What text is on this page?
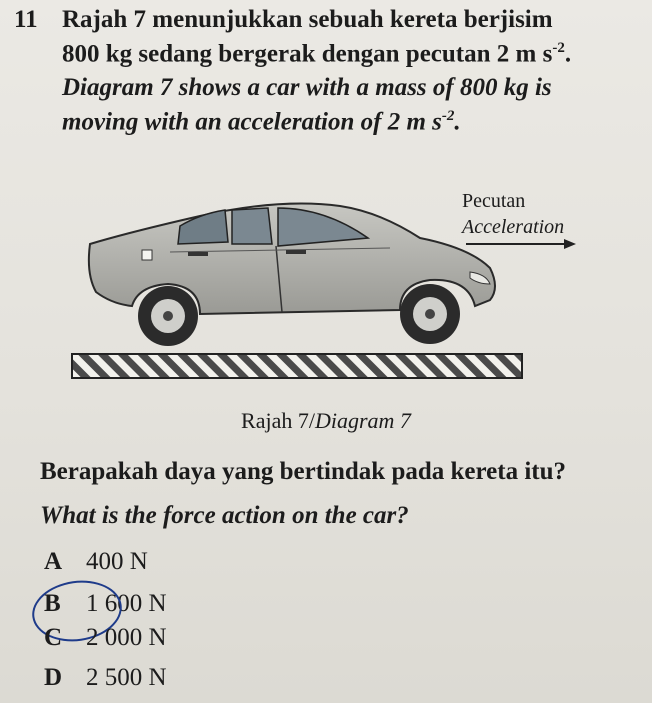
11 Rajah 7 menunjukkan sebuah kereta berjisim
800 kg sedang bergerak dengan pecutan 2 m $s^{-2}$.
Diagram 7 shows a car with a mass of 800 kg is
moving with an acceleration of 2 m $s^{-2}$.
Pecutan
Acceleration
Rajah 7/Diagram 7
Berapakah daya yang bertindak pada kereta itu?
What is the force action on the car?
A 400 N
B 1 600 N
C 2 000 N
D 2 500 N
